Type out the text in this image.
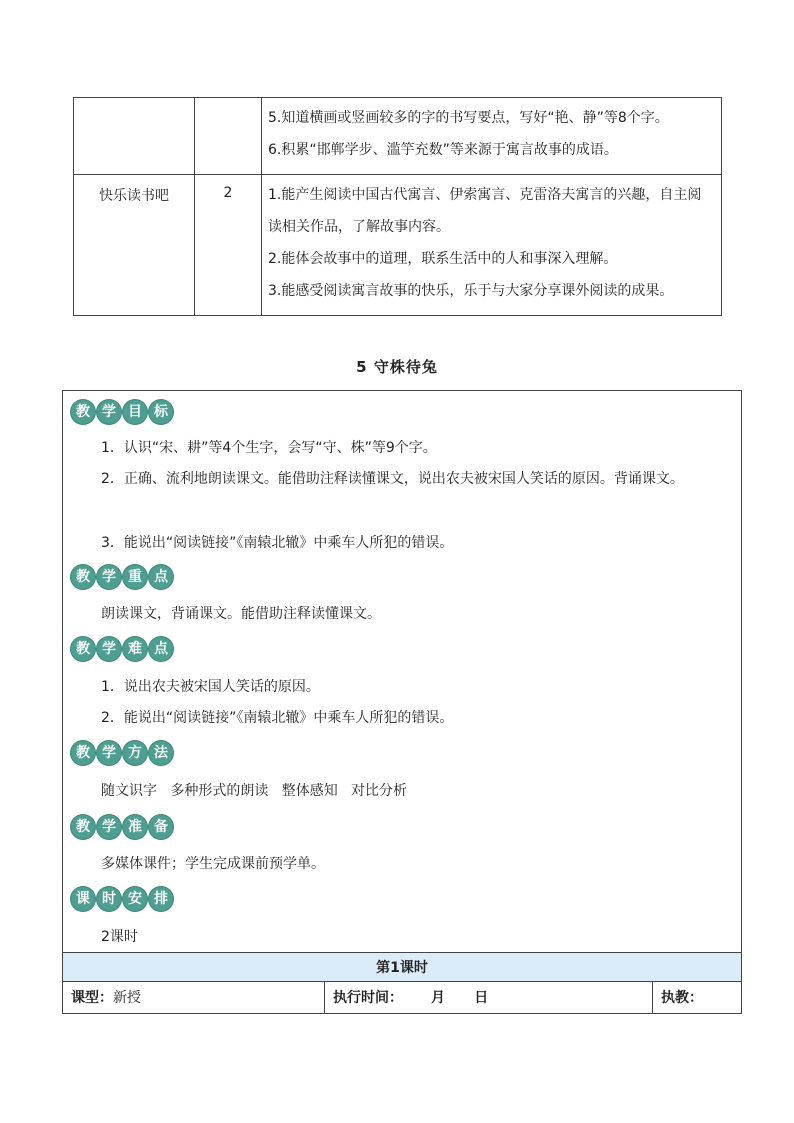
		5.知道横画或竖画较多的字的书写要点，写好“艳、静”等8个字。

6.积累“邯郸学步、滥竽充数”等来源于寓言故事的成语。

快乐读书吧	2	1.能产生阅读中国古代寓言、伊索寓言、克雷洛夫寓言的兴趣，自主阅读相关作品，了解故事内容。

2.能体会故事中的道理，联系生活中的人和事深入理解。

3.能感受阅读寓言故事的快乐，乐于与大家分享课外阅读的成果。

5 守株待兔
教 学 目 标
1．认识“宋、耕”等4个生字，会写“守、株”等9个字。
2．正确、流利地朗读课文。能借助注释读懂课文，说出农夫被宋国人笑话的原因。背诵课文。
3．能说出“阅读链接”《南辕北辙》中乘车人所犯的错误。
教 学 重 点
朗读课文，背诵课文。能借助注释读懂课文。
教 学 难 点
1．说出农夫被宋国人笑话的原因。
2．能说出“阅读链接”《南辕北辙》中乘车人所犯的错误。
教 学 方 法
随文识字   多种形式的朗读   整体感知   对比分析
教 学 准 备
多媒体课件；学生完成课前预学单。
课 时 安 排
2课时
第1课时
课型：新授	执行时间： 月      日	执教：
